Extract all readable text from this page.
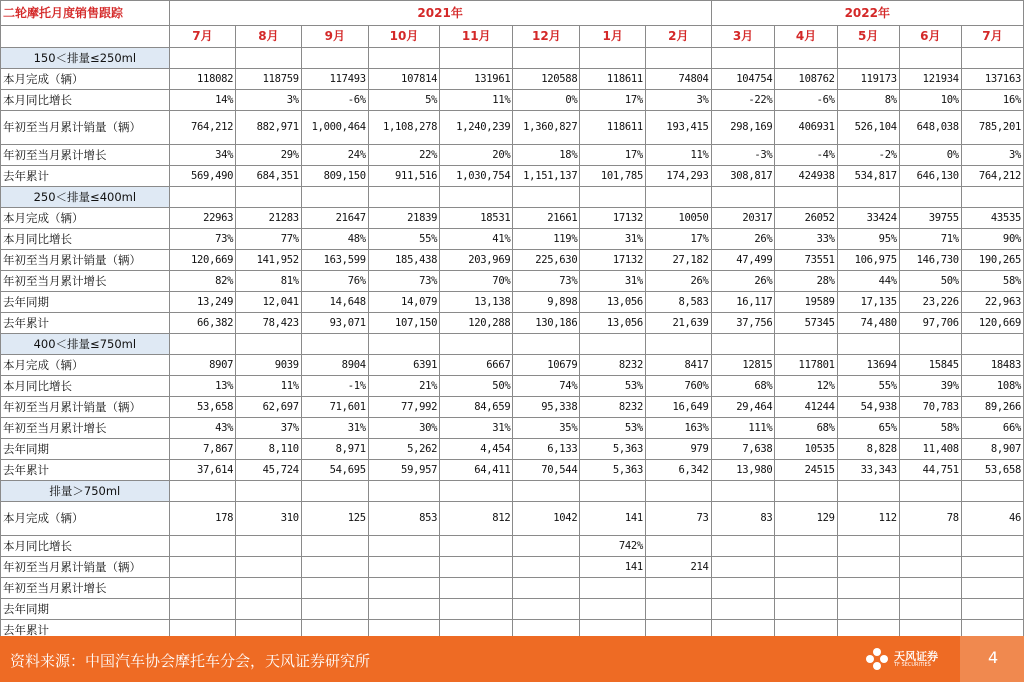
二轮摩托月度销售跟踪	2021年								2022年				
	7月	8月	9月	10月	11月	12月	1月	2月	3月	4月	5月	6月	7月
150＜排量≤250ml													
本月完成（辆）	118082	118759	117493	107814	131961	120588	118611	74804	104754	108762	119173	121934	137163
本月同比增长	14%	3%	-6%	5%	11%	0%	17%	3%	-22%	-6%	8%	10%	16%
年初至当月累计销量（辆）	764,212	882,971	1,000,464	1,108,278	1,240,239	1,360,827	118611	193,415	298,169	406931	526,104	648,038	785,201
年初至当月累计增长	34%	29%	24%	22%	20%	18%	17%	11%	-3%	-4%	-2%	0%	3%
去年累计	569,490	684,351	809,150	911,516	1,030,754	1,151,137	101,785	174,293	308,817	424938	534,817	646,130	764,212
250＜排量≤400ml													
本月完成（辆）	22963	21283	21647	21839	18531	21661	17132	10050	20317	26052	33424	39755	43535
本月同比增长	73%	77%	48%	55%	41%	119%	31%	17%	26%	33%	95%	71%	90%
年初至当月累计销量（辆）	120,669	141,952	163,599	185,438	203,969	225,630	17132	27,182	47,499	73551	106,975	146,730	190,265
年初至当月累计增长	82%	81%	76%	73%	70%	73%	31%	26%	26%	28%	44%	50%	58%
去年同期	13,249	12,041	14,648	14,079	13,138	9,898	13,056	8,583	16,117	19589	17,135	23,226	22,963
去年累计	66,382	78,423	93,071	107,150	120,288	130,186	13,056	21,639	37,756	57345	74,480	97,706	120,669
400＜排量≤750ml													
本月完成（辆）	8907	9039	8904	6391	6667	10679	8232	8417	12815	117801	13694	15845	18483
本月同比增长	13%	11%	-1%	21%	50%	74%	53%	760%	68%	12%	55%	39%	108%
年初至当月累计销量（辆）	53,658	62,697	71,601	77,992	84,659	95,338	8232	16,649	29,464	41244	54,938	70,783	89,266
年初至当月累计增长	43%	37%	31%	30%	31%	35%	53%	163%	111%	68%	65%	58%	66%
去年同期	7,867	8,110	8,971	5,262	4,454	6,133	5,363	979	7,638	10535	8,828	11,408	8,907
去年累计	37,614	45,724	54,695	59,957	64,411	70,544	5,363	6,342	13,980	24515	33,343	44,751	53,658
排量＞750ml													
本月完成（辆）	178	310	125	853	812	1042	141	73	83	129	112	78	46
本月同比增长							742%						
年初至当月累计销量（辆）							141	214					
年初至当月累计增长													
去年同期													
去年累计													
资料来源：中国汽车协会摩托车分会，天风证券研究所	天风证券
TF SECURITIES	4
